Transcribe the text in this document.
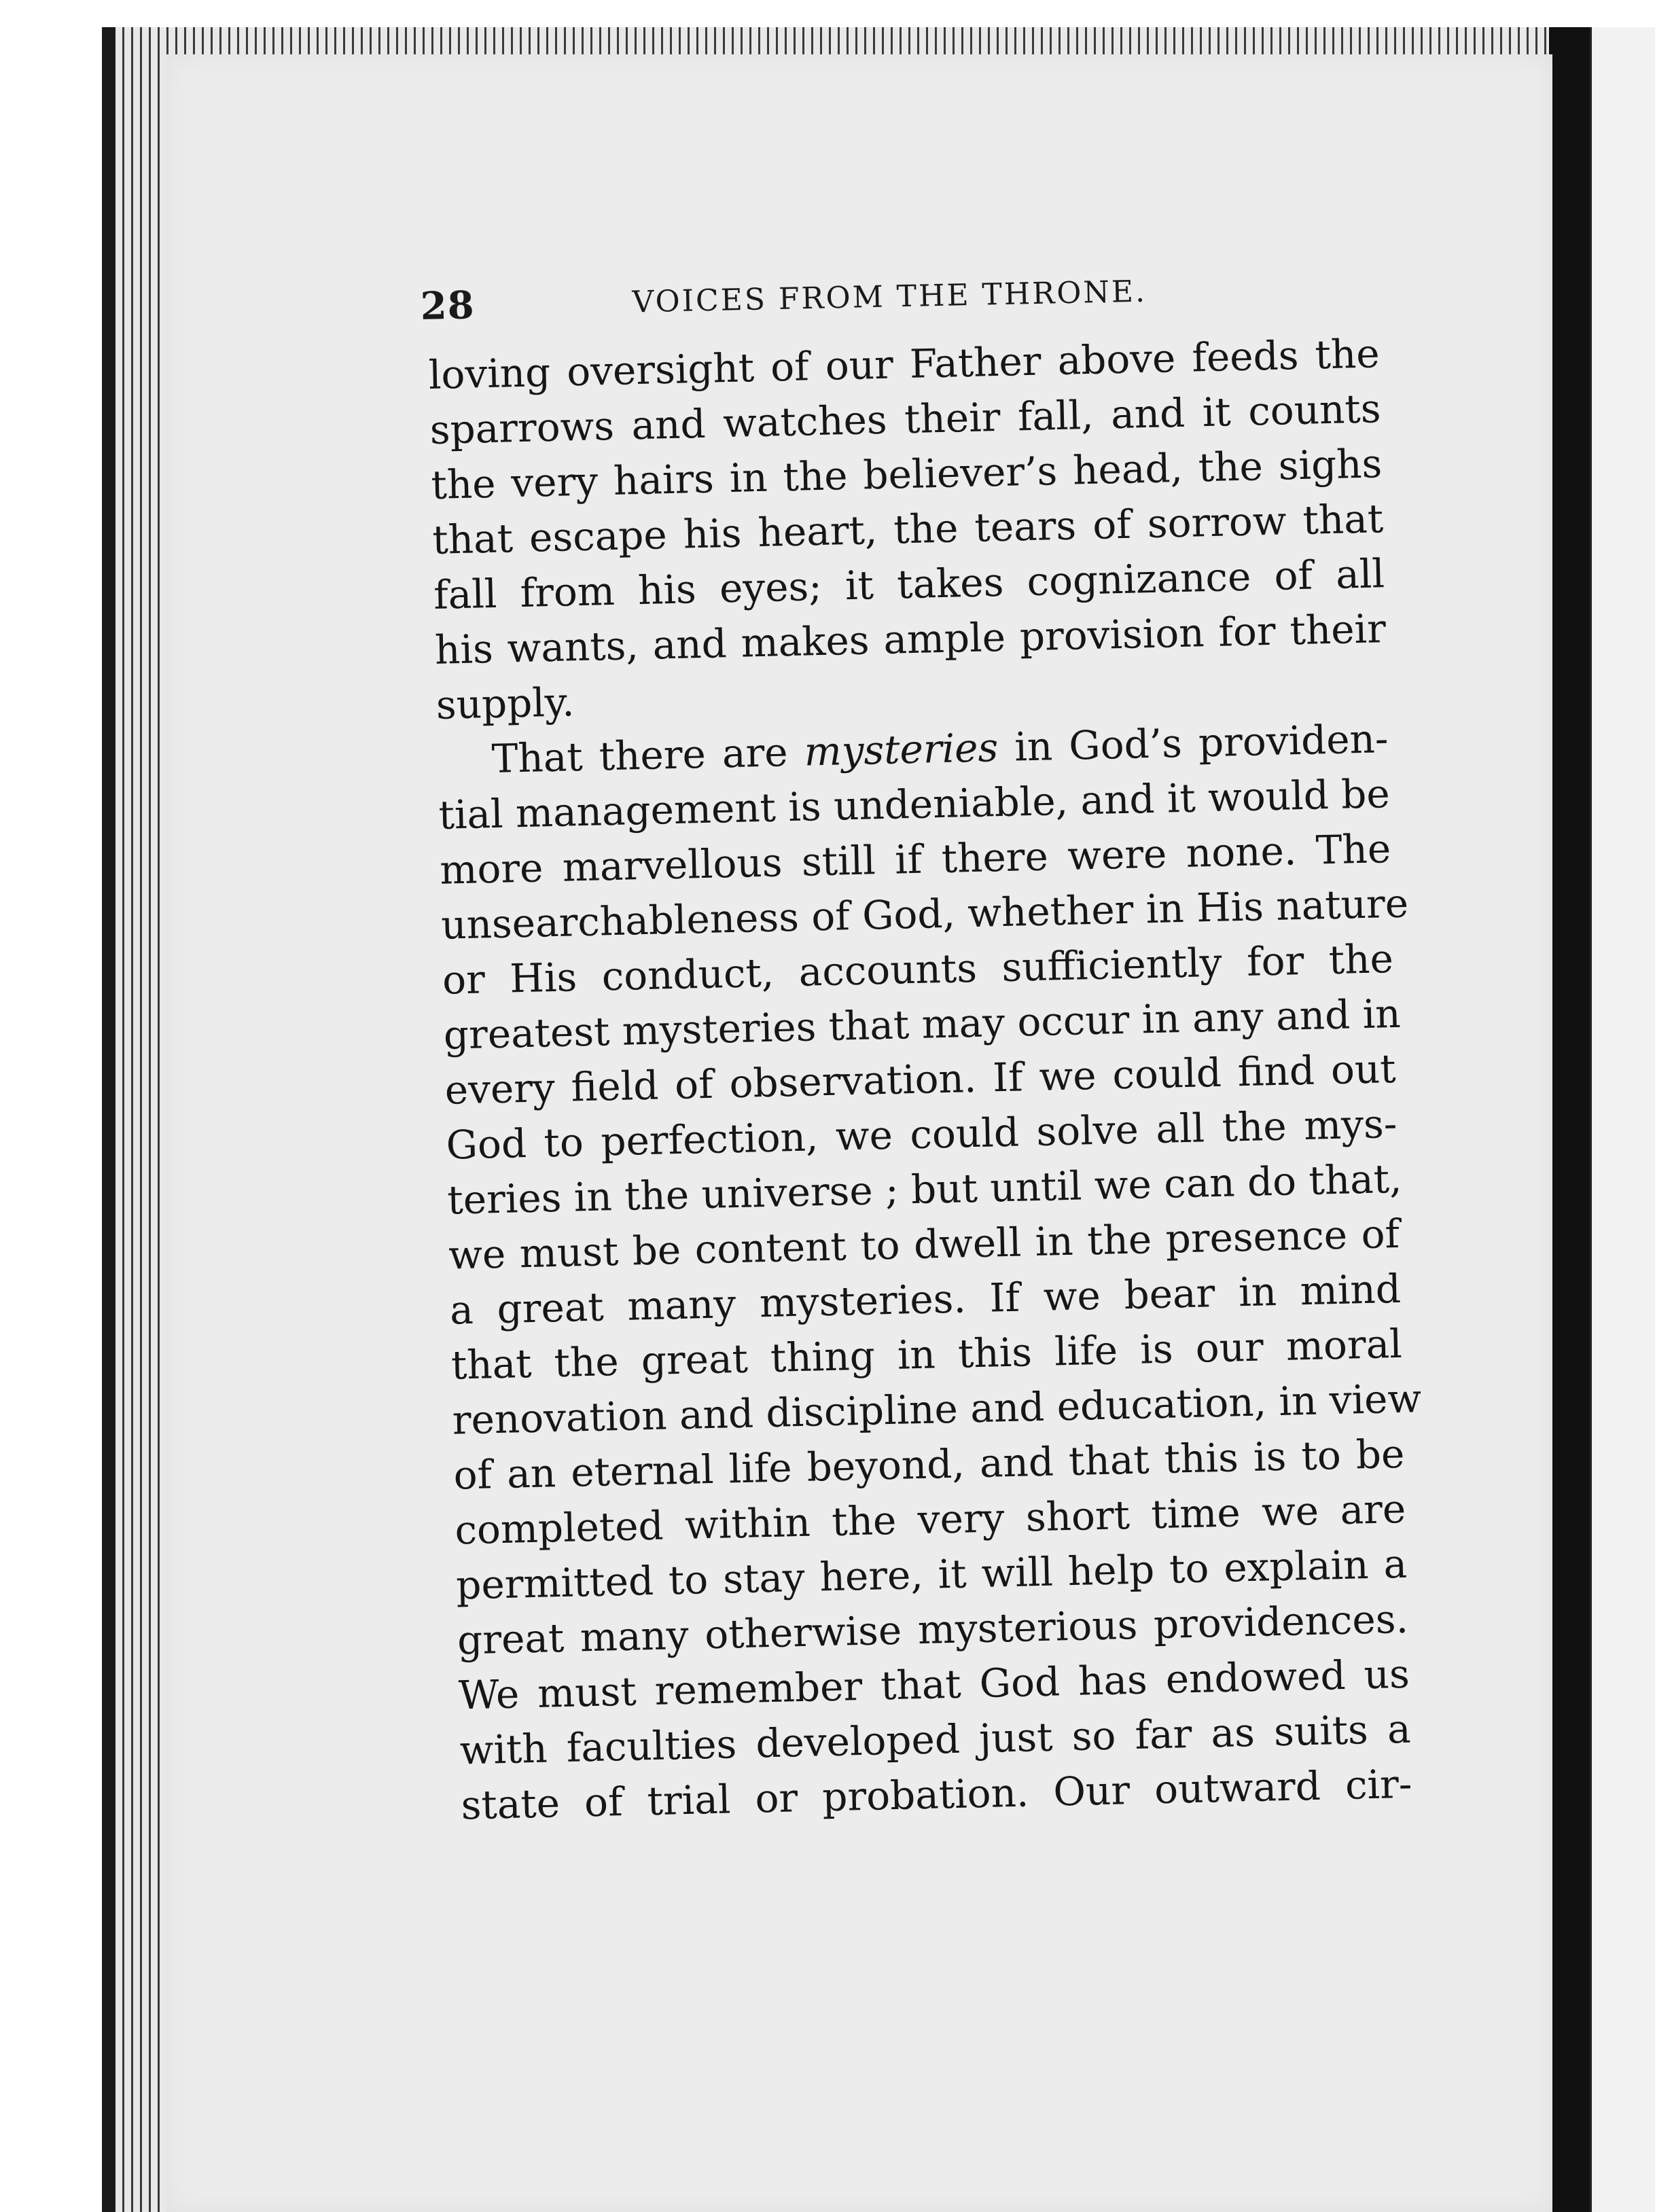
28	VOICES FROM THE THRONE.
loving oversight of our Father above feeds the
sparrows and watches their fall, and it counts
the very hairs in the believer’s head, the sighs
that escape his heart, the tears of sorrow that
fall from his eyes; it takes cognizance of all
his wants, and makes ample provision for their
supply.
That there are mysteries in God’s providen-
tial management is undeniable, and it would be
more marvellous still if there were none. The
unsearchableness of God, whether in His nature
or His conduct, accounts sufficiently for the
greatest mysteries that may occur in any and in
every field of observation. If we could find out
God to perfection, we could solve all the mys-
teries in the universe ; but until we can do that,
we must be content to dwell in the presence of
a great many mysteries. If we bear in mind
that the great thing in this life is our moral
renovation and discipline and education, in view
of an eternal life beyond, and that this is to be
completed within the very short time we are
permitted to stay here, it will help to explain a
great many otherwise mysterious providences.
We must remember that God has endowed us
with faculties developed just so far as suits a
state of trial or probation. Our outward cir-
